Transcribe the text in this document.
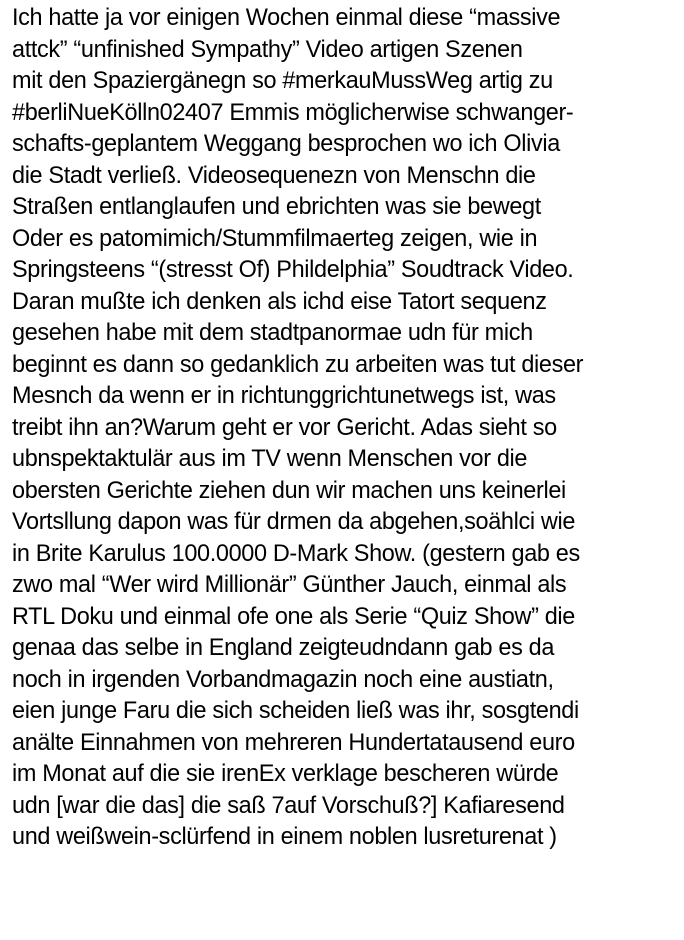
Ich hatte ja vor einigen Wochen einmal diese “massive
attck” “unfinished Sympathy” Video artigen Szenen
mit den Spaziergänegn so #merkauMussWeg artig zu
#berliNueKölln02407 Emmis möglicherwise schwanger-
schafts-geplantem Weggang besprochen wo ich Olivia
die Stadt verließ. Videosequenezn von Menschn die
Straßen entlanglaufen und ebrichten was sie bewegt
Oder es patomimich/Stummfilmaerteg zeigen, wie in
Springsteens “(stresst Of) Phildelphia” Soudtrack Video.
Daran mußte ich denken als ichd eise Tatort sequenz
gesehen habe mit dem stadtpanormae udn für mich
beginnt es dann so gedanklich zu arbeiten was tut dieser
Mesnch da wenn er in richtunggrichtunetwegs ist, was
treibt ihn an?Warum geht er vor Gericht. Adas sieht so
ubnspektaktulär aus im TV wenn Menschen vor die
obersten Gerichte ziehen dun wir machen uns keinerlei
Vortsllung dapon was für drmen da abgehen,soählci wie
in Brite Karulus 100.0000 D-Mark Show. (gestern gab es
zwo mal “Wer wird Millionär” Günther Jauch, einmal als
RTL Doku und einmal ofe one als Serie “Quiz Show” die
genaa das selbe in England zeigteudndann gab es da
noch in irgenden Vorbandmagazin noch eine austiatn,
eien junge Faru die sich scheiden ließ was ihr, sosgtendi
anälte Einnahmen von mehreren Hundertatausend euro
im Monat auf die sie irenEx verklage bescheren würde
udn [war die das] die saß 7auf Vorschuß?] Kafiaresend
und weißwein-sclürfend in einem noblen lusreturenat )
